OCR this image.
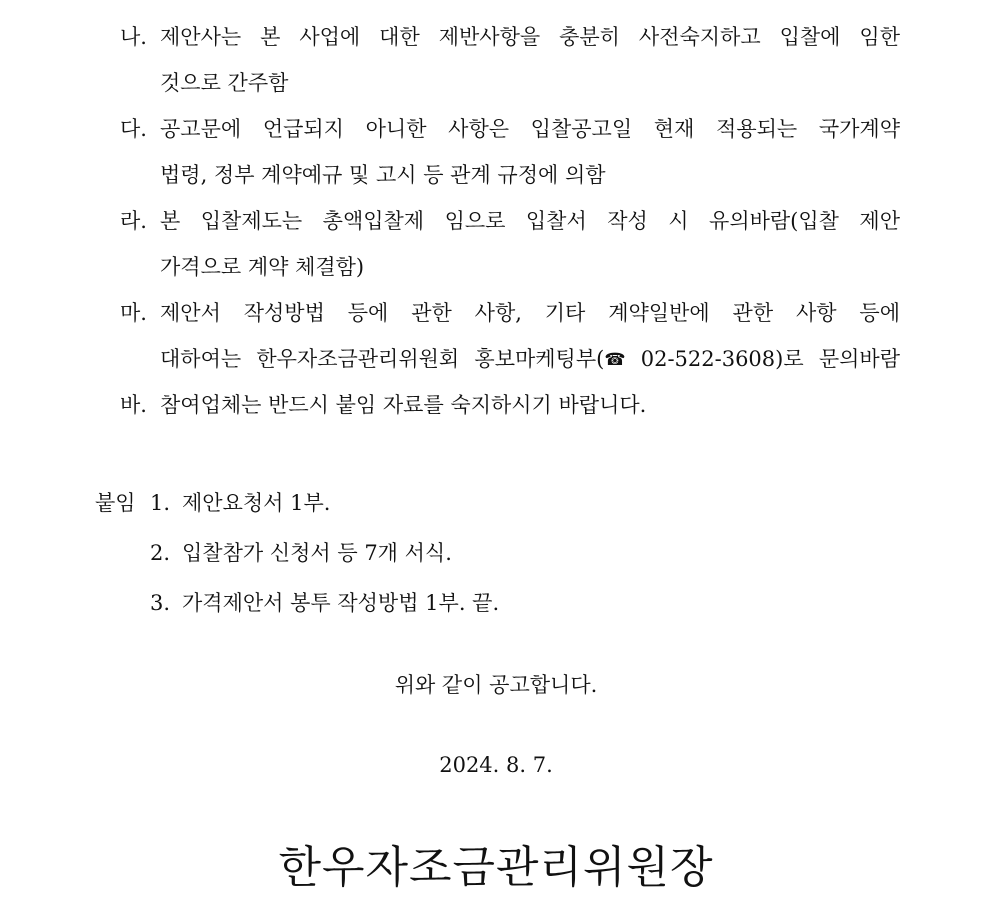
나. 제안사는 본 사업에 대한 제반사항을 충분히 사전숙지하고 입찰에 임한
것으로 간주함
다. 공고문에 언급되지 아니한 사항은 입찰공고일 현재 적용되는 국가계약
법령, 정부 계약예규 및 고시 등 관계 규정에 의함
라. 본 입찰제도는 총액입찰제 임으로 입찰서 작성 시 유의바람(입찰 제안
가격으로 계약 체결함)
마. 제안서 작성방법 등에 관한 사항, 기타 계약일반에 관한 사항 등에
대하여는 한우자조금관리위원회 홍보마케팅부(☎ 02-522-3608)로 문의바람
바. 참여업체는 반드시 붙임 자료를 숙지하시기 바랍니다.
붙임 1. 제안요청서 1부.
2. 입찰참가 신청서 등 7개 서식.
3. 가격제안서 봉투 작성방법 1부. 끝.
위와 같이 공고합니다.
2024. 8. 7.
한우자조금관리위원장
